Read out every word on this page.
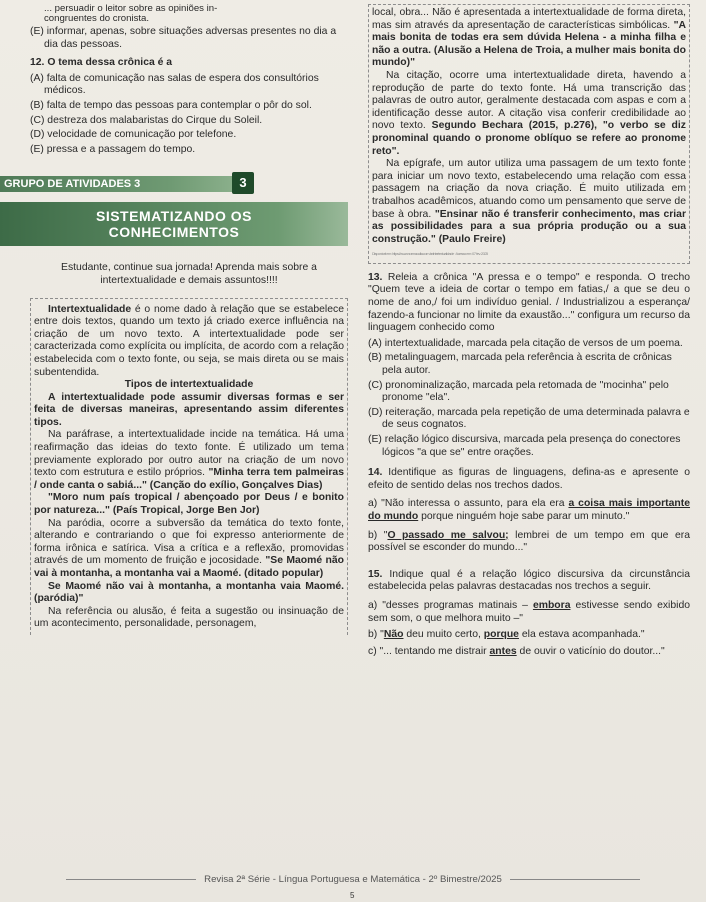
... persuadir o leitor sobre as opiniões in-
congruentes do cronista.

(E) informar, apenas, sobre situações adversas presentes no dia a dia das pessoas.

12. O tema dessa crônica é a

(A) falta de comunicação nas salas de espera dos consultórios médicos.

(B) falta de tempo das pessoas para contemplar o pôr do sol.

(C) destreza dos malabaristas do Cirque du Soleil.

(D) velocidade de comunicação por telefone.

(E) pressa e a passagem do tempo.

GRUPO DE ATIVIDADES 3	3
SISTEMATIZANDO OS
CONHECIMENTOS

Estudante, continue sua jornada! Aprenda mais sobre a intertextualidade e demais assuntos!!!!

Intertextualidade é o nome dado à relação que se estabelece entre dois textos, quando um texto já criado exerce influência na criação de um novo texto. A intertextualidade pode ser caracterizada como explícita ou implícita, de acordo com a relação estabelecida com o texto fonte, ou seja, se mais direta ou se mais subentendida.

Tipos de intertextualidade

A intertextualidade pode assumir diversas formas e ser feita de diversas maneiras, apresentando assim diferentes tipos.

Na paráfrase, a intertextualidade incide na temática. Há uma reafirmação das ideias do texto fonte. É utilizado um tema previamente explorado por outro autor na criação de um novo texto com estrutura e estilo próprios. "Minha terra tem palmeiras / onde canta o sabiá..." (Canção do exílio, Gonçalves Dias)

"Moro num país tropical / abençoado por Deus / e bonito por natureza..." (País Tropical, Jorge Ben Jor)

Na paródia, ocorre a subversão da temática do texto fonte, alterando e contrariando o que foi expresso anteriormente de forma irônica e satírica. Visa a crítica e a reflexão, promovidas através de um momento de fruição e jocosidade. "Se Maomé não vai à montanha, a montanha vai a Maomé. (ditado popular)

Se Maomé não vai à montanha, a montanha vaia Maomé. (paródia)"

Na referência ou alusão, é feita a sugestão ou insinuação de um acontecimento, personalidade, personagem,

local, obra... Não é apresentada a intertextualidade de forma direta, mas sim através da apresentação de características simbólicas. "A mais bonita de todas era sem dúvida Helena - a minha filha e não a outra. (Alusão a Helena de Troia, a mulher mais bonita do mundo)"

Na citação, ocorre uma intertextualidade direta, havendo a reprodução de parte do texto fonte. Há uma transcrição das palavras de outro autor, geralmente destacada com aspas e com a identificação desse autor. A citação visa conferir credibilidade ao novo texto. Segundo Bechara (2015, p.276), "o verbo se diz pronominal quando o pronome oblíquo se refere ao pronome reto".

Na epígrafe, um autor utiliza uma passagem de um texto fonte para iniciar um novo texto, estabelecendo uma relação com essa passagem na criação da nova criação. É muito utilizada em trabalhos acadêmicos, atuando como um pensamento que serve de base à obra. "Ensinar não é transferir conhecimento, mas criar as possibilidades para a sua própria produção ou a sua construção." (Paulo Freire)

Disponível em: https://www.normaculta.com.br/intertextualidade · Acesso em: 07 fev. 2025

13. Releia a crônica "A pressa e o tempo" e responda. O trecho "Quem teve a ideia de cortar o tempo em fatias,/ a que se deu o nome de ano,/ foi um indivíduo genial. / Industrializou a esperança/ fazendo-a funcionar no limite da exaustão..." configura um recurso da linguagem conhecido como

(A) intertextualidade, marcada pela citação de versos de um poema.

(B) metalinguagem, marcada pela referência à escrita de crônicas pela autor.

(C) pronominalização, marcada pela retomada de "mocinha" pelo pronome "ela".

(D) reiteração, marcada pela repetição de uma determinada palavra e de seus cognatos.

(E) relação lógico discursiva, marcada pela presença do conectores lógicos "a que se" entre orações.

14. Identifique as figuras de linguagens, defina-as e apresente o efeito de sentido delas nos trechos dados.

a) "Não interessa o assunto, para ela era a coisa mais importante do mundo porque ninguém hoje sabe parar um minuto."

b) "O passado me salvou; lembrei de um tempo em que era possível se esconder do mundo..."

15. Indique qual é a relação lógico discursiva da circunstância estabelecida pelas palavras destacadas nos trechos a seguir.

a) "desses programas matinais – embora estivesse sendo exibido sem som, o que melhora muito –"

b) "Não deu muito certo, porque ela estava acompanhada."

c) "... tentando me distrair antes de ouvir o vaticínio do doutor..."

Revisa 2ª Série - Língua Portuguesa e Matemática - 2º Bimestre/2025
5
